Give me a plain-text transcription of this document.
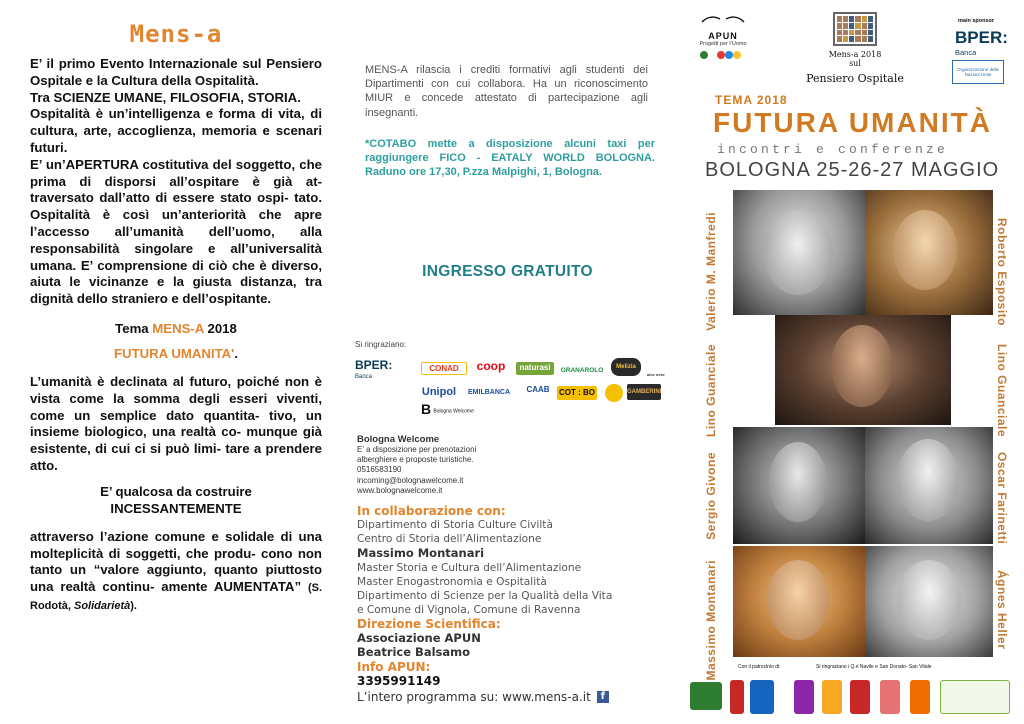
Mens-a

E’ il primo Evento Internazionale sul Pensiero Ospitale e la Cultura della Ospitalità.

Tra SCIENZE UMANE, FILOSOFIA, STORIA.

Ospitalità è un’intelligenza e forma di vita, di cultura, arte, accoglienza, memoria e scenari futuri.

E’ un’APERTURA costitutiva del soggetto, che prima di disporsi all’ospitare è già at- traversato dall’atto di essere stato ospi- tato. Ospitalità è così un’anteriorità che apre l’accesso all’umanità dell’uomo, alla responsabilità singolare e all’universalità umana. E’ comprensione di ciò che è diverso, aiuta le vicinanze e la giusta distanza, tra dignità dello straniero e dell’ospitante.

Tema MENS-A 2018
FUTURA UMANITA'.

L’umanità è declinata al futuro, poiché non è vista come la somma degli esseri viventi, come un semplice dato quantita- tivo, un insieme biologico, una realtà co- munque già esistente, di cui ci si può limi- tare a prendere atto.

E’ qualcosa da costruire
INCESSANTEMENTE

attraverso l’azione comune e solidale di una molteplicità di soggetti, che produ- cono non tanto un “valore aggiunto, quanto piuttosto una realtà continu- amente AUMENTATA” (S. Rodotà, Solidarietà).

MENS-A rilascia i crediti formativi agli studenti dei Dipartimenti con cui collabora. Ha un riconoscimento MIUR e concede attestato di partecipazione agli insegnanti.

*COTABO mette a disposizione alcuni taxi per raggiungere FICO - EATALY WORLD BOLOGNA. Raduno ore 17,30, P.zza Malpighi, 1, Bologna.

INGRESSO GRATUITO
Si ringraziano:
BPER:
Banca
CONAD	coop	naturasì	GRANAROLO	Melizia
alce nero
Unipol	EMILBANCA	CAAB	COT : BO	GAMBERINI
B Bologna Welcome
Bologna Welcome
E’ a disposizione per prenotazioni
alberghiere e proposte turistiche.
0516583190
incoming@bolognawelcome.it
www.bolognawelcome.it
In collaborazione con:
Dipartimento di Storia Culture Civiltà
Centro di Storia dell’Alimentazione
Massimo Montanari
Master Storia e Cultura dell’Alimentazione
Master Enogastronomia e Ospitalità
Dipartimento di Scienze per la Qualità della Vita
e Comune di Vignola, Comune di Ravenna
Direzione Scientifica:
Associazione APUN
Beatrice Balsamo
Info APUN:
3395991149
L’intero programma su: www.mens-a.it f
APUN
Progetti per l’Uomo
Mens-a 2018
sul
Pensiero Ospitale
main sponsor
BPER:
Banca
Organizzazione delle Nazioni Unite
TEMA 2018
FUTURA UMANITÀ
incontri e conferenze
BOLOGNA 25-26-27 MAGGIO
Valerio M. Manfredi	Roberto Esposito
Lino Guanciale	Lino Guanciale
Sergio Givone	Oscar Farinetti
Massimo Montanari	Ágnes Heller
Con il patrocinio di:	Si ringraziano i Q.ri Navile e San Donato- San Vitale
